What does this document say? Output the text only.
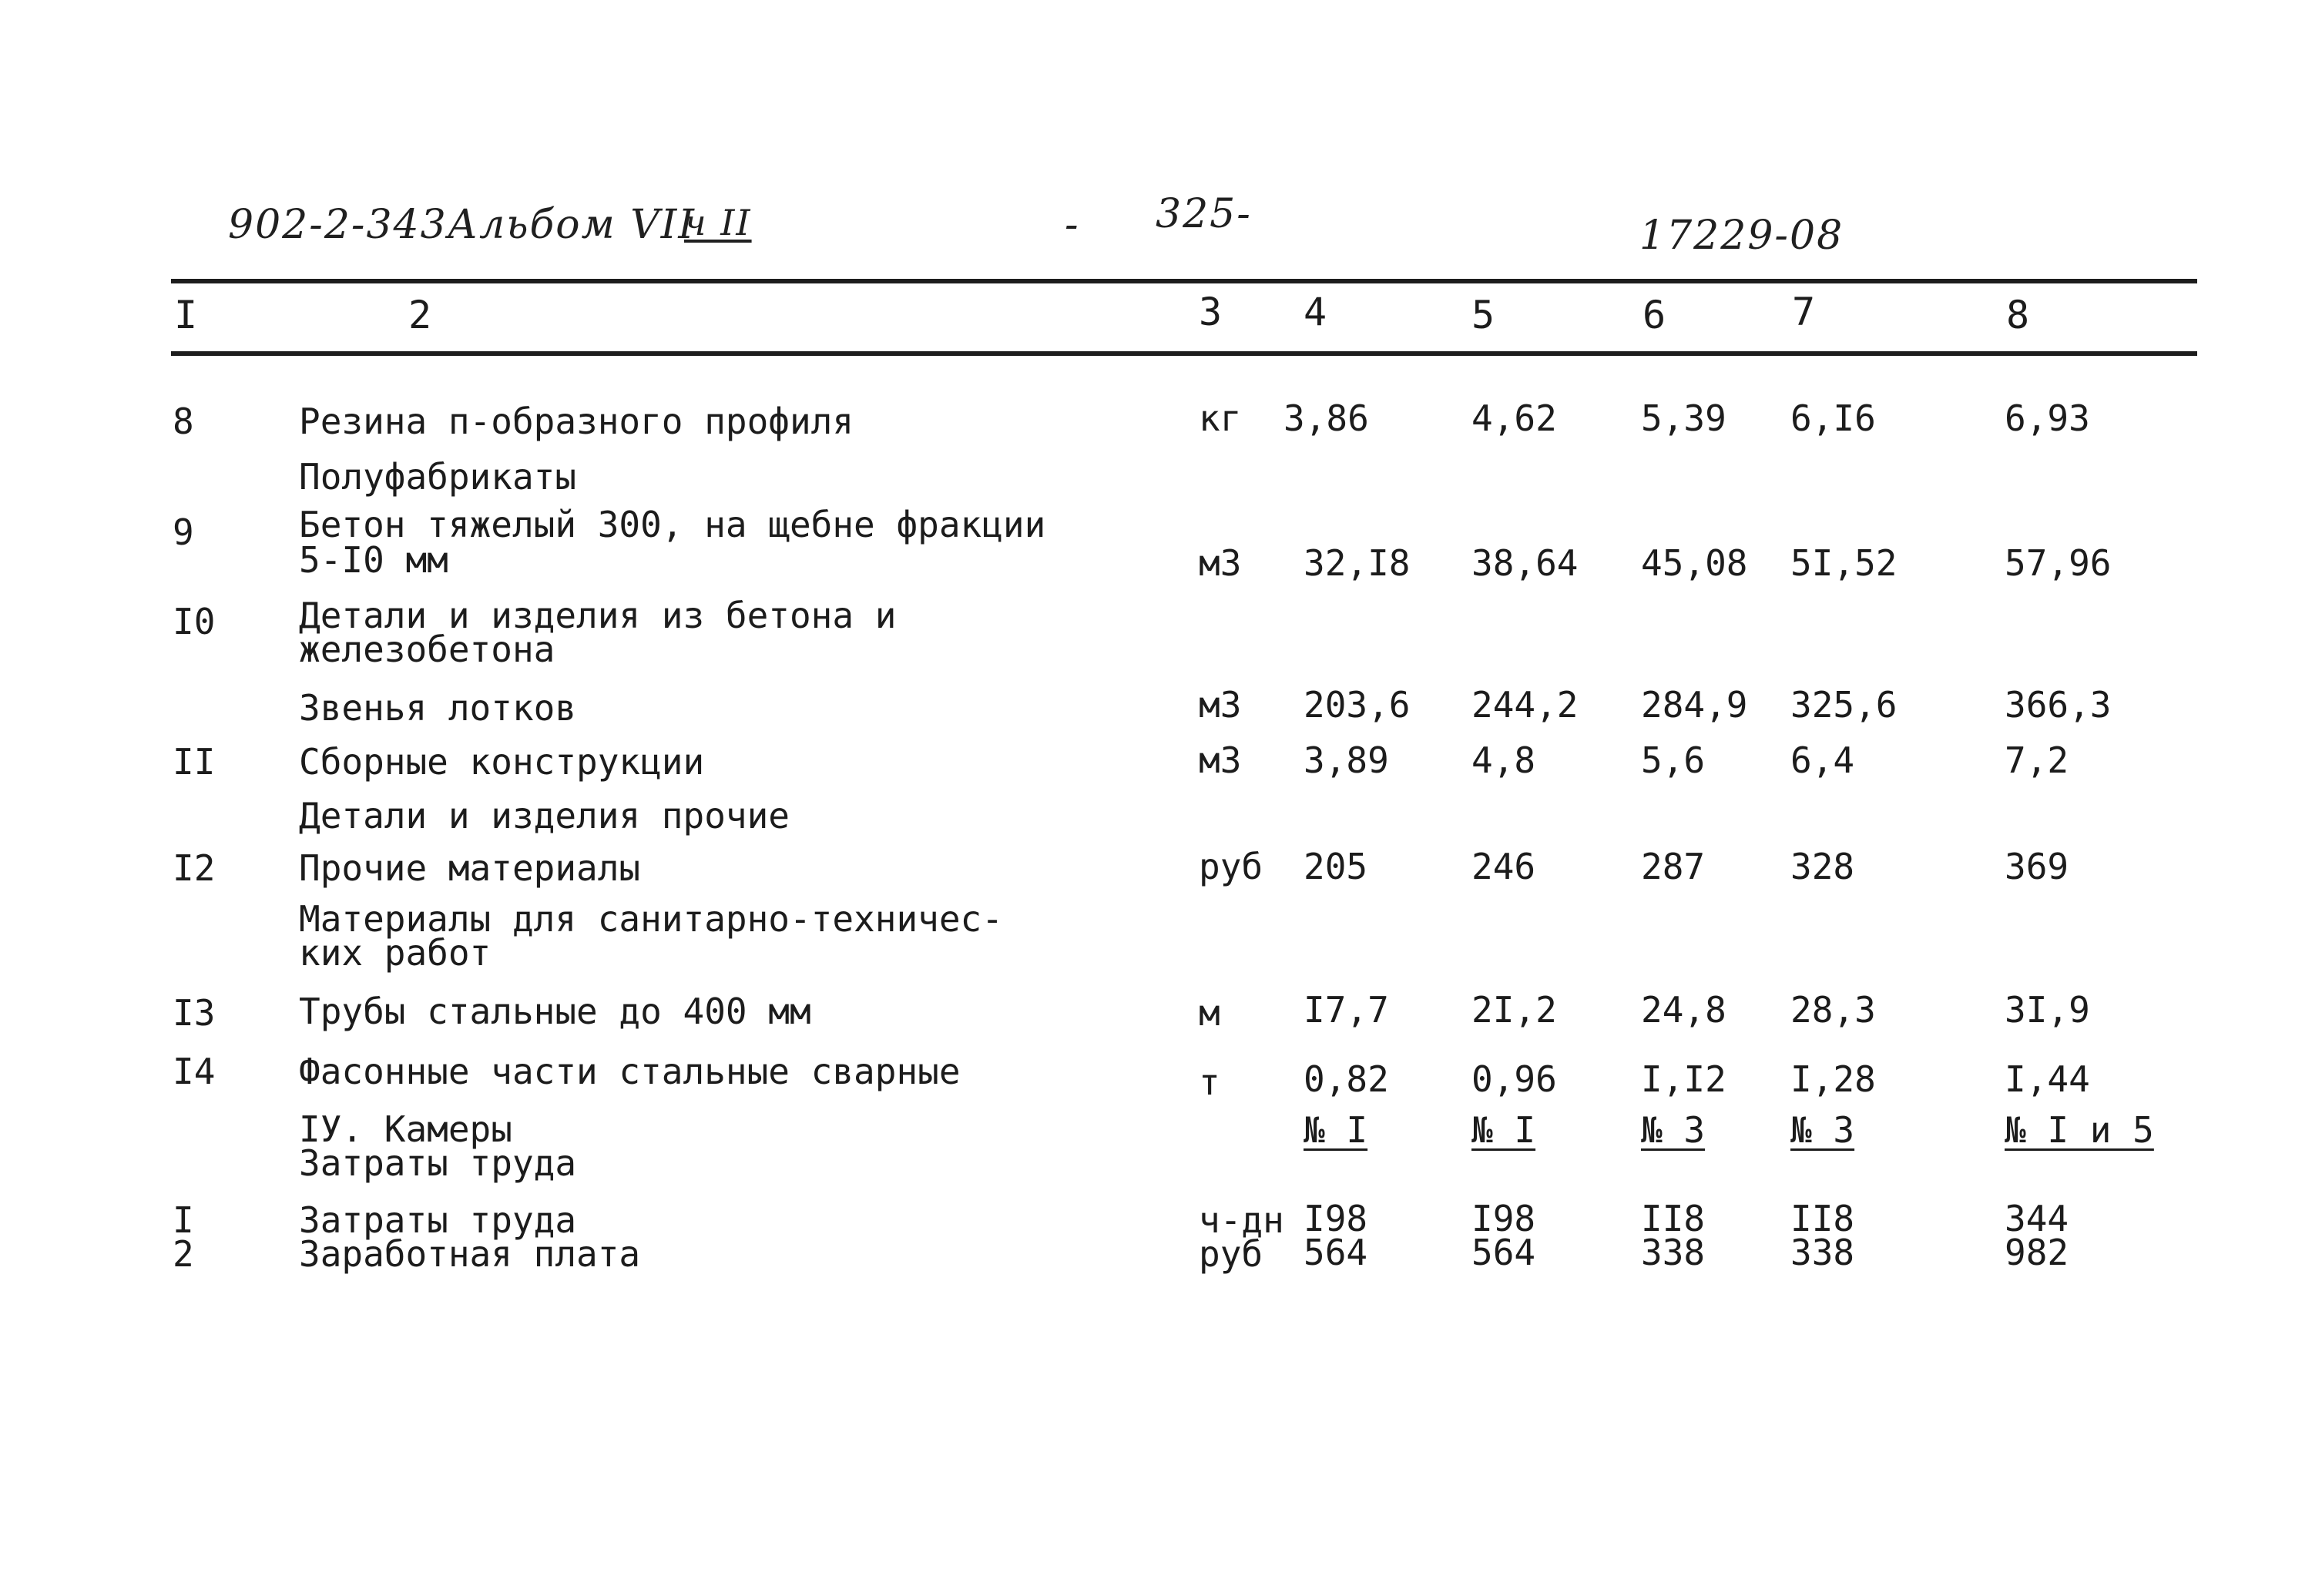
902-2-343Альбом VII
ч II	- 325-	17229-08
I	2	3 4	5	6	7	8
8	Резина п-образного профиля	кг 3,86	4,62 5,39 6,I6	6,93
Полуфабрикаты
9	Бетон тяжелый 300, на щебне фракции
5-I0 мм	м3 32,I8 38,64 45,08 5I,52	57,96
I0 Детали и изделия из бетона и
железобетона
Звенья лотков	м3 203,6 244,2 284,9 325,6	366,3
II Сборные конструкции	м3 3,89 4,8	5,6 6,4	7,2
Детали и изделия прочие
I2 Прочие материалы	руб 205	246	287 328	369
Материалы для санитарно-техничес-
ких работ
I3 Трубы стальные до 400 мм	м I7,7 2I,2 24,8 28,3	3I,9
I4 Фасонные части стальные сварные	т 0,82 0,96 I,I2 I,28	I,44
IУ. Камеры
Затраты труда
№ I	№ I	№ 3 № 3	№ I и 5
I	Затраты труда	ч-дн I98	I98	II8 II8	344
2	Заработная плата	руб 564	564	338 338	982
